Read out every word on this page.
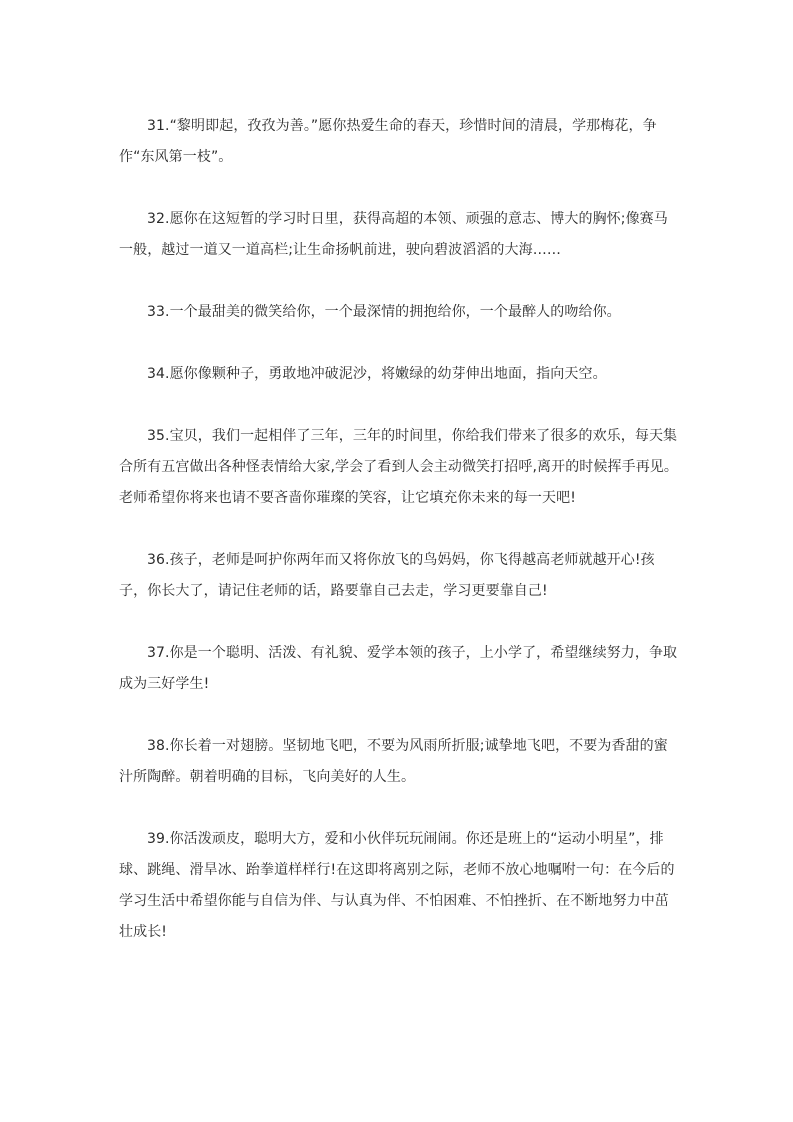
31.“黎明即起，孜孜为善。”愿你热爱生命的春天，珍惜时间的清晨，学那梅花，争作“东风第一枝”。

32.愿你在这短暂的学习时日里，获得高超的本领、顽强的意志、博大的胸怀;像赛马一般，越过一道又一道高栏;让生命扬帆前进，驶向碧波滔滔的大海……

33.一个最甜美的微笑给你，一个最深情的拥抱给你，一个最醉人的吻给你。

34.愿你像颗种子，勇敢地冲破泥沙，将嫩绿的幼芽伸出地面，指向天空。

35.宝贝，我们一起相伴了三年，三年的时间里，你给我们带来了很多的欢乐，每天集合所有五宫做出各种怪表情给大家,学会了看到人会主动微笑打招呼,离开的时候挥手再见。老师希望你将来也请不要吝啬你璀璨的笑容，让它填充你未来的每一天吧!

36.孩子，老师是呵护你两年而又将你放飞的鸟妈妈，你飞得越高老师就越开心!孩子，你长大了，请记住老师的话，路要靠自己去走，学习更要靠自己!

37.你是一个聪明、活泼、有礼貌、爱学本领的孩子，上小学了，希望继续努力，争取成为三好学生!

38.你长着一对翅膀。坚韧地飞吧，不要为风雨所折服;诚挚地飞吧，不要为香甜的蜜汁所陶醉。朝着明确的目标，飞向美好的人生。

39.你活泼顽皮，聪明大方，爱和小伙伴玩玩闹闹。你还是班上的“运动小明星”，排球、跳绳、滑旱冰、跆拳道样样行!在这即将离别之际，老师不放心地嘱咐一句：在今后的学习生活中希望你能与自信为伴、与认真为伴、不怕困难、不怕挫折、在不断地努力中茁壮成长!
